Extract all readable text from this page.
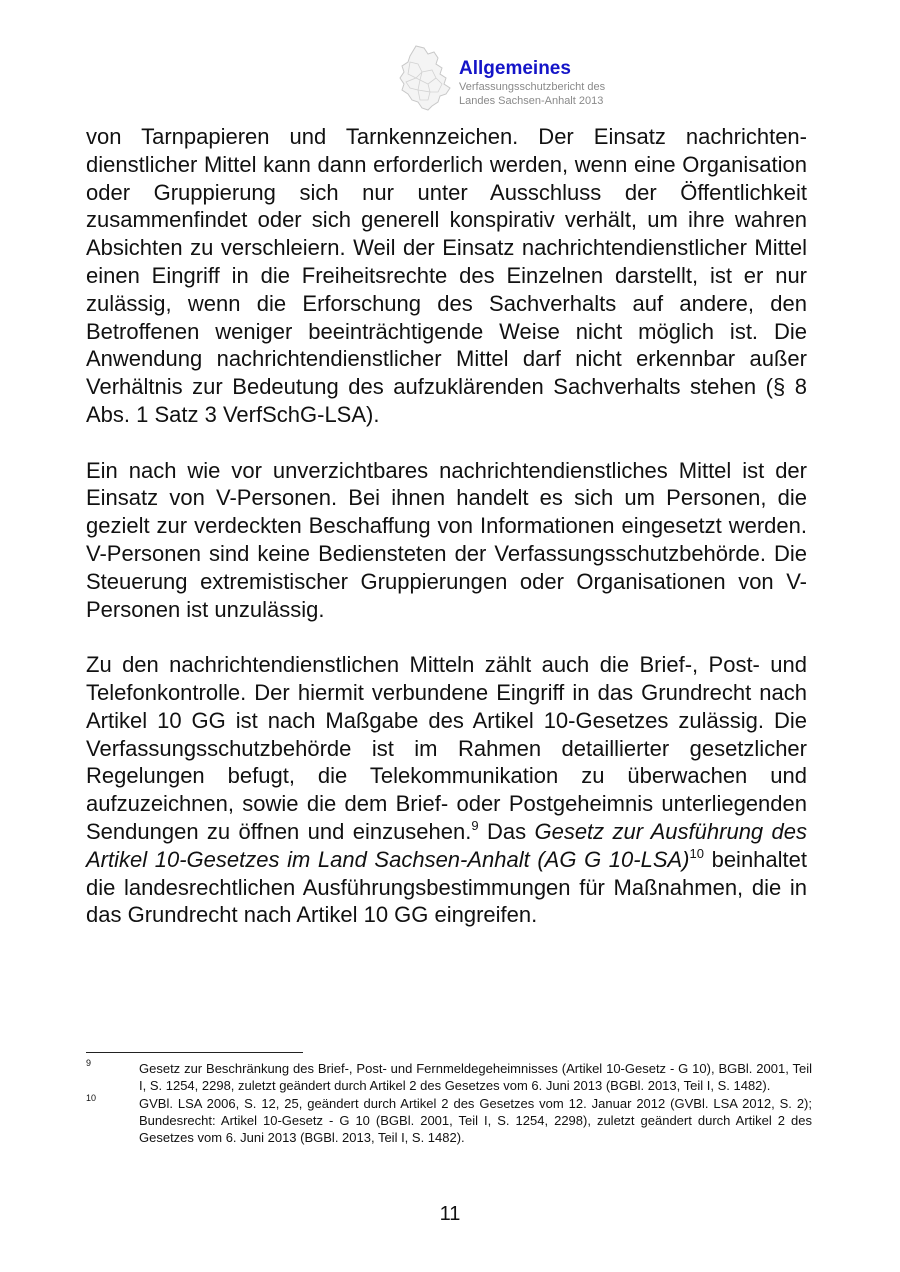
Allgemeines
Verfassungsschutzbericht des
Landes Sachsen-Anhalt 2013

von Tarnpapieren und Tarnkennzeichen. Der Einsatz nachrichtendienstlicher Mittel kann dann erforderlich werden, wenn eine Organisation oder Gruppierung sich nur unter Ausschluss der Öffentlichkeit zusammenfindet oder sich generell konspirativ verhält, um ihre wahren Absichten zu verschleiern. Weil der Einsatz nachrichtendienstlicher Mittel einen Eingriff in die Freiheitsrechte des Einzelnen darstellt, ist er nur zulässig, wenn die Erforschung des Sachverhalts auf andere, den Betroffenen weniger beeinträchtigende Weise nicht möglich ist. Die Anwendung nachrichtendienstlicher Mittel darf nicht erkennbar außer Verhältnis zur Bedeutung des aufzuklärenden Sachverhalts stehen (§ 8 Abs. 1 Satz 3 VerfSchG-LSA).

Ein nach wie vor unverzichtbares nachrichtendienstliches Mittel ist der Einsatz von V-Personen. Bei ihnen handelt es sich um Personen, die gezielt zur verdeckten Beschaffung von Informationen eingesetzt werden. V-Personen sind keine Bediensteten der Verfassungsschutzbehörde. Die Steuerung extremistischer Gruppierungen oder Organisationen von V-Personen ist unzulässig.

Zu den nachrichtendienstlichen Mitteln zählt auch die Brief-, Post- und Telefonkontrolle. Der hiermit verbundene Eingriff in das Grundrecht nach Artikel 10 GG ist nach Maßgabe des Artikel 10-Gesetzes zulässig. Die Verfassungsschutzbehörde ist im Rahmen detaillierter gesetzlicher Regelungen befugt, die Telekommunikation zu überwachen und aufzuzeichnen, sowie die dem Brief- oder Postgeheimnis unterliegenden Sendungen zu öffnen und einzusehen.$^9$ Das Gesetz zur Ausführung des Artikel 10-Gesetzes im Land Sachsen-Anhalt (AG G 10-LSA)$^{10}$ beinhaltet die landesrechtlichen Ausführungsbestimmungen für Maßnahmen, die in das Grundrecht nach Artikel 10 GG eingreifen.

9	Gesetz zur Beschränkung des Brief-, Post- und Fernmeldegeheimnisses (Artikel 10-Gesetz - G 10), BGBl. 2001, Teil I, S. 1254, 2298, zuletzt geändert durch Artikel 2 des Gesetzes vom 6. Juni 2013 (BGBl. 2013, Teil I, S. 1482).

10	GVBl. LSA 2006, S. 12, 25, geändert durch Artikel 2 des Gesetzes vom 12. Januar 2012 (GVBl. LSA 2012, S. 2); Bundesrecht: Artikel 10-Gesetz - G 10 (BGBl. 2001, Teil I, S. 1254, 2298), zuletzt geändert durch Artikel 2 des Gesetzes vom 6. Juni 2013 (BGBl. 2013, Teil I, S. 1482).

11
